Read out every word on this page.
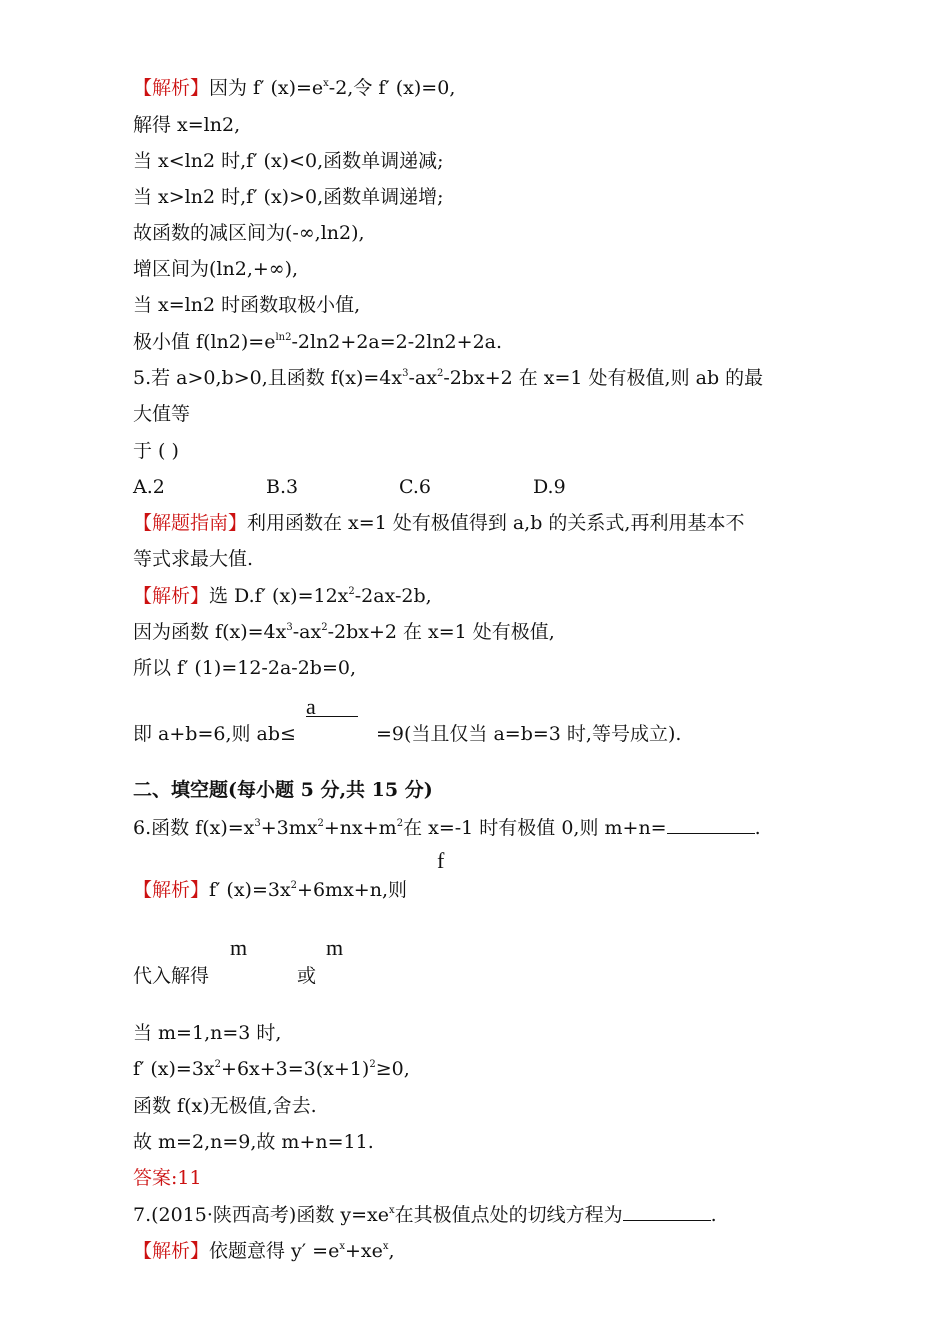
【解析】因为 f′ $(x)=e^x-2$,令 f′ (x)=0,
解得 x=ln2,
当 x<ln2 时,f′ (x)<0,函数单调递减;
当 x>ln2 时,f′ (x)>0,函数单调递增;
故函数的减区间为(-∞,ln2),
增区间为(ln2,+∞),
当 x=ln2 时函数取极小值,
极小值 $f(\ln 2)=e^{ln2}-2\ln 2+2a=2-2\ln 2+2a$.
5.若 a>0,b>0,且函数 $f(x)=4x^3-ax^2-2bx+2$ 在 x=1 处有极值,则 ab 的最
大值等
于 ( )
A.2	B.3	C.6	D.9
【解题指南】利用函数在 x=1 处有极值得到 a,b 的关系式,再利用基本不
等式求最大值.
【解析】选 D.f′ $(x)=12x^2-2ax-2b$,
因为函数 $f(x)=4x^3-ax^2-2bx+2$ 在 x=1 处有极值,
所以 f′ (1)=12-2a-2b=0,
a
即 a+b=6,则 ab≤	=9(当且仅当 a=b=3 时,等号成立).
二、填空题(每小题 5 分,共 15 分)
6.函数 $f(x)=x^3+3mx^2+nx+m^2$在 x=-1 时有极值 0,则 m+n=	.
f
【解析】f′ $(x)=3x^2+6mx+n$,则
m	m
代入解得	或
当 m=1,n=3 时,
f′ $(x)=3x^2+6x+3=3(x+1)^2\ge 0$,
函数 f(x)无极值,舍去.
故 m=2,n=9,故 m+n=11.
答案:11
7.(2015·陕西高考)函数 $y=xe^x$在其极值点处的切线方程为	.
【解析】依题意得 $y' =e^x+xe^x$,
